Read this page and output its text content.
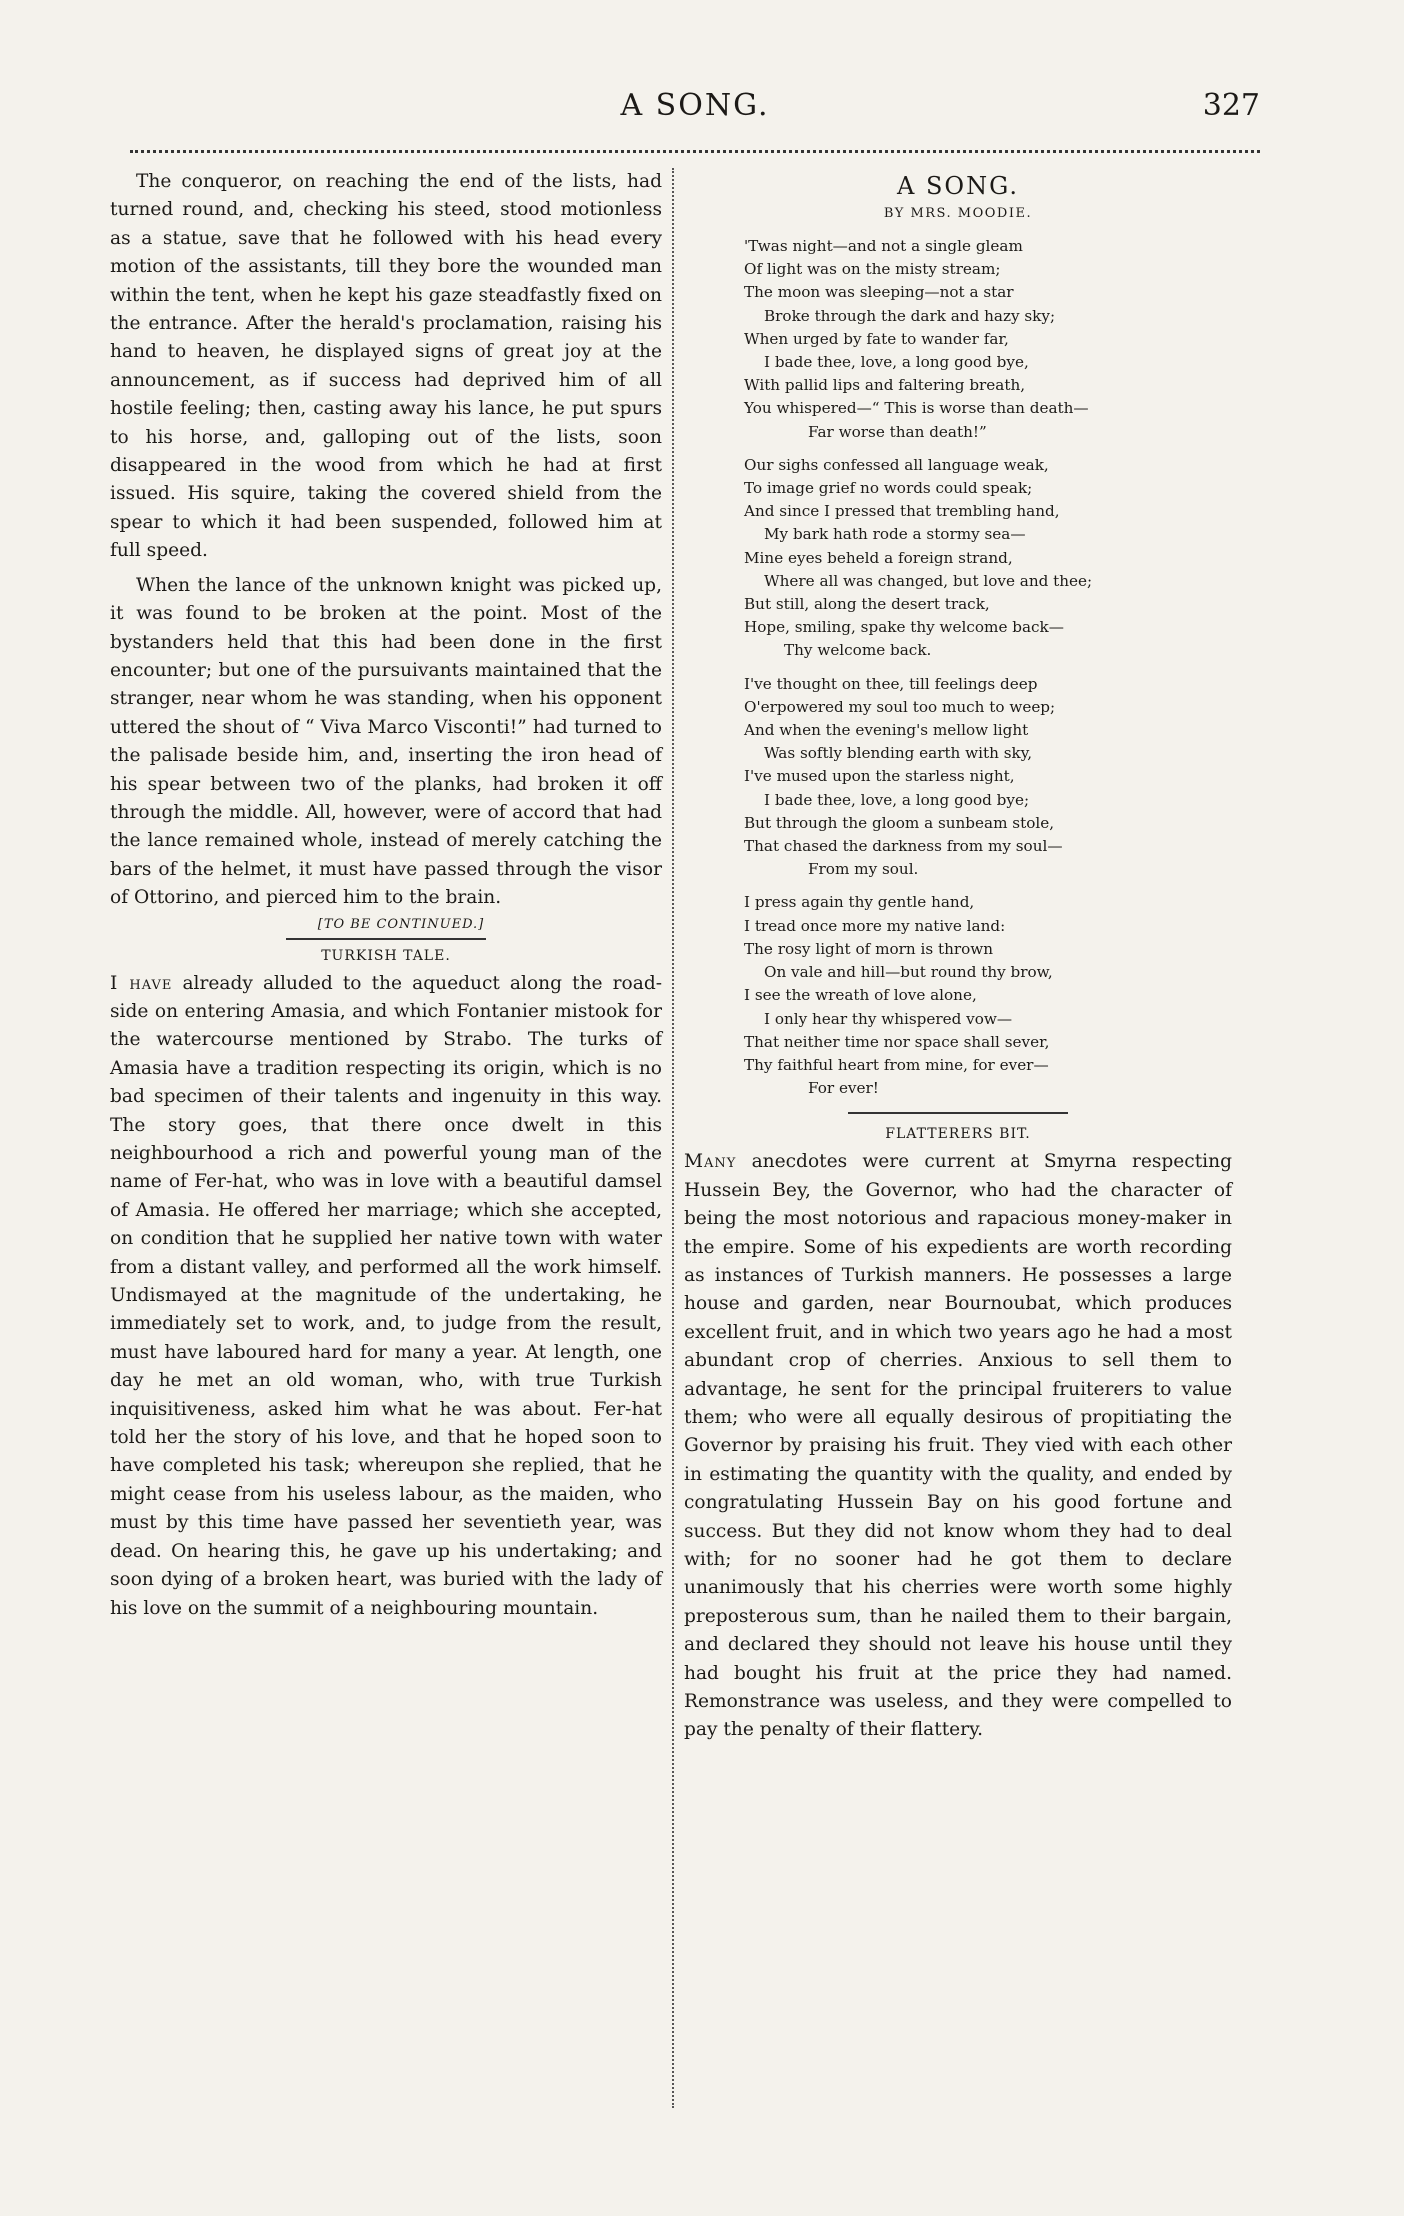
A SONG.	327

The conqueror, on reaching the end of the lists, had turned round, and, checking his steed, stood motionless as a statue, save that he followed with his head every motion of the assistants, till they bore the wounded man within the tent, when he kept his gaze steadfastly fixed on the entrance. After the herald's proclamation, raising his hand to heaven, he displayed signs of great joy at the announcement, as if success had deprived him of all hostile feeling; then, casting away his lance, he put spurs to his horse, and, galloping out of the lists, soon disappeared in the wood from which he had at first issued. His squire, taking the covered shield from the spear to which it had been suspended, followed him at full speed.

When the lance of the unknown knight was picked up, it was found to be broken at the point. Most of the bystanders held that this had been done in the first encounter; but one of the pursuivants maintained that the stranger, near whom he was standing, when his opponent uttered the shout of “ Viva Marco Visconti!” had turned to the palisade beside him, and, inserting the iron head of his spear between two of the planks, had broken it off through the middle. All, however, were of accord that had the lance remained whole, instead of merely catching the bars of the helmet, it must have passed through the visor of Ottorino, and pierced him to the brain.

[TO BE CONTINUED.]
TURKISH TALE.

I have already alluded to the aqueduct along the road-side on entering Amasia, and which Fontanier mistook for the watercourse mentioned by Strabo. The turks of Amasia have a tradition respecting its origin, which is no bad specimen of their talents and ingenuity in this way. The story goes, that there once dwelt in this neighbourhood a rich and powerful young man of the name of Fer-hat, who was in love with a beautiful damsel of Amasia. He offered her marriage; which she accepted, on condition that he supplied her native town with water from a distant valley, and performed all the work himself. Undismayed at the magnitude of the undertaking, he immediately set to work, and, to judge from the result, must have laboured hard for many a year. At length, one day he met an old woman, who, with true Turkish inquisitiveness, asked him what he was about. Fer-hat told her the story of his love, and that he hoped soon to have completed his task; whereupon she replied, that he might cease from his useless labour, as the maiden, who must by this time have passed her seventieth year, was dead. On hearing this, he gave up his undertaking; and soon dying of a broken heart, was buried with the lady of his love on the summit of a neighbouring mountain.

A SONG.
BY MRS. MOODIE.
'Twas night—and not a single gleam
Of light was on the misty stream;
The moon was sleeping—not a star
Broke through the dark and hazy sky;
When urged by fate to wander far,
I bade thee, love, a long good bye,
With pallid lips and faltering breath,
You whispered—“ This is worse than death—
Far worse than death!”
Our sighs confessed all language weak,
To image grief no words could speak;
And since I pressed that trembling hand,
My bark hath rode a stormy sea—
Mine eyes beheld a foreign strand,
Where all was changed, but love and thee;
But still, along the desert track,
Hope, smiling, spake thy welcome back—
Thy welcome back.
I've thought on thee, till feelings deep
O'erpowered my soul too much to weep;
And when the evening's mellow light
Was softly blending earth with sky,
I've mused upon the starless night,
I bade thee, love, a long good bye;
But through the gloom a sunbeam stole,
That chased the darkness from my soul—
From my soul.
I press again thy gentle hand,
I tread once more my native land:
The rosy light of morn is thrown
On vale and hill—but round thy brow,
I see the wreath of love alone,
I only hear thy whispered vow—
That neither time nor space shall sever,
Thy faithful heart from mine, for ever—
For ever!
FLATTERERS BIT.

Many anecdotes were current at Smyrna respecting Hussein Bey, the Governor, who had the character of being the most notorious and rapacious money-maker in the empire. Some of his expedients are worth recording as instances of Turkish manners. He possesses a large house and garden, near Bournoubat, which produces excellent fruit, and in which two years ago he had a most abundant crop of cherries. Anxious to sell them to advantage, he sent for the principal fruiterers to value them; who were all equally desirous of propitiating the Governor by praising his fruit. They vied with each other in estimating the quantity with the quality, and ended by congratulating Hussein Bay on his good fortune and success. But they did not know whom they had to deal with; for no sooner had he got them to declare unanimously that his cherries were worth some highly preposterous sum, than he nailed them to their bargain, and declared they should not leave his house until they had bought his fruit at the price they had named. Remonstrance was useless, and they were compelled to pay the penalty of their flattery.
